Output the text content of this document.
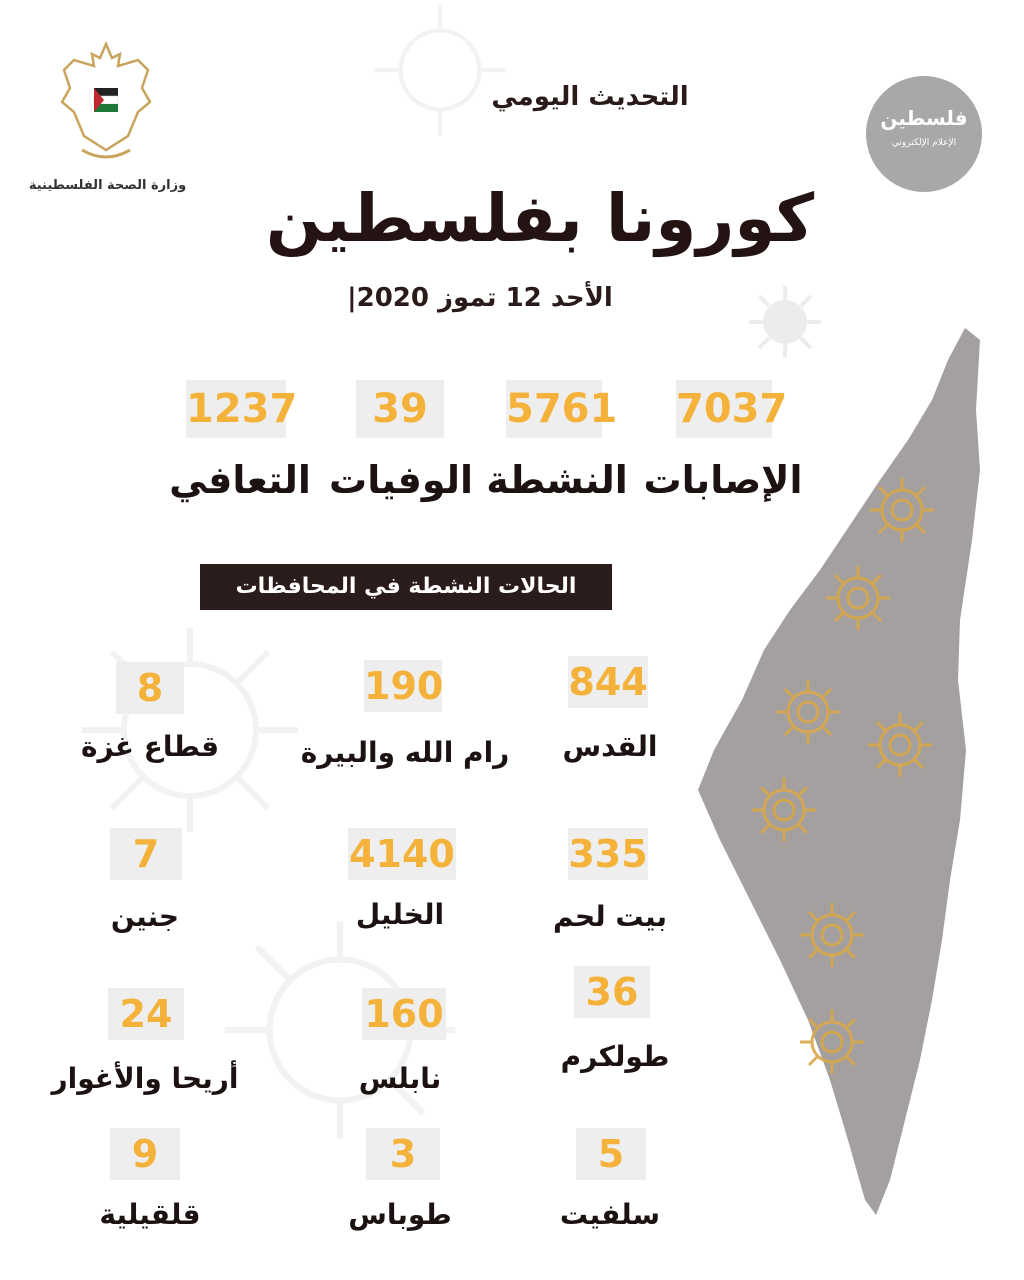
وزارة الصحة الفلسطينية
التحديث اليومي
فلسطين
الإعلام الإلكتروني
كورونا بفلسطين
الأحد 12 تموز 2020|
7037
5761
39
1237
الإصابات
النشطة
الوفيات
التعافي
الحالات النشطة في المحافظات
844
القدس
190
رام الله والبيرة
8
قطاع غزة
335
بيت لحم
4140
الخليل
7
جنين
36
طولكرم
160
نابلس
24
أريحا والأغوار
5
سلفيت
3
طوباس
9
قلقيلية
